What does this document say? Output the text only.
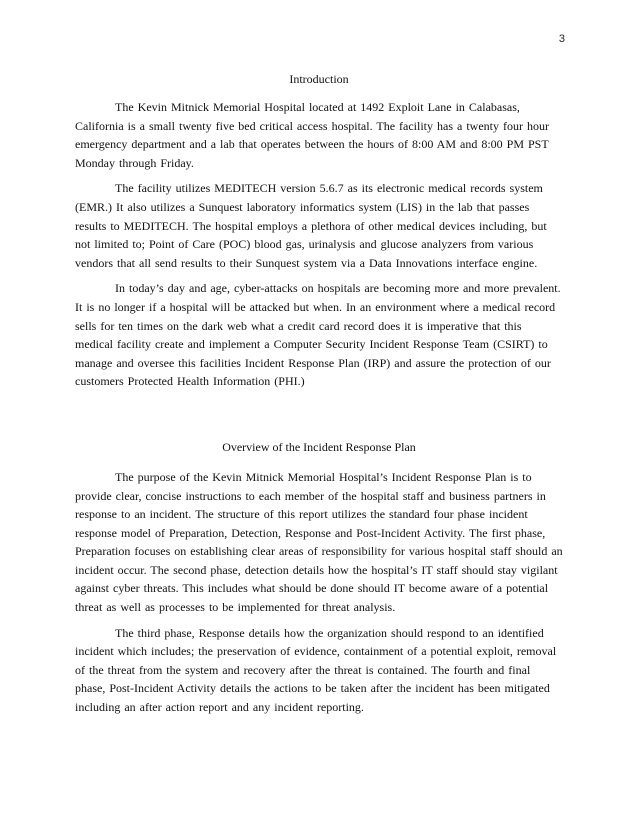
3
Introduction

The Kevin Mitnick Memorial Hospital located at 1492 Exploit Lane in Calabasas, California is a small twenty five bed critical access hospital. The facility has a twenty four hour emergency department and a lab that operates between the hours of 8:00 AM and 8:00 PM PST Monday through Friday.

The facility utilizes MEDITECH version 5.6.7 as its electronic medical records system (EMR.) It also utilizes a Sunquest laboratory informatics system (LIS) in the lab that passes results to MEDITECH. The hospital employs a plethora of other medical devices including, but not limited to; Point of Care (POC) blood gas, urinalysis and glucose analyzers from various vendors that all send results to their Sunquest system via a Data Innovations interface engine.

In today’s day and age, cyber-attacks on hospitals are becoming more and more prevalent. It is no longer if a hospital will be attacked but when. In an environment where a medical record sells for ten times on the dark web what a credit card record does it is imperative that this medical facility create and implement a Computer Security Incident Response Team (CSIRT) to manage and oversee this facilities Incident Response Plan (IRP) and assure the protection of our customers Protected Health Information (PHI.)

Overview of the Incident Response Plan

The purpose of the Kevin Mitnick Memorial Hospital’s Incident Response Plan is to provide clear, concise instructions to each member of the hospital staff and business partners in response to an incident. The structure of this report utilizes the standard four phase incident response model of Preparation, Detection, Response and Post-Incident Activity. The first phase, Preparation focuses on establishing clear areas of responsibility for various hospital staff should an incident occur. The second phase, detection details how the hospital’s IT staff should stay vigilant against cyber threats. This includes what should be done should IT become aware of a potential threat as well as processes to be implemented for threat analysis.

The third phase, Response details how the organization should respond to an identified incident which includes; the preservation of evidence, containment of a potential exploit, removal of the threat from the system and recovery after the threat is contained. The fourth and final phase, Post-Incident Activity details the actions to be taken after the incident has been mitigated including an after action report and any incident reporting.
